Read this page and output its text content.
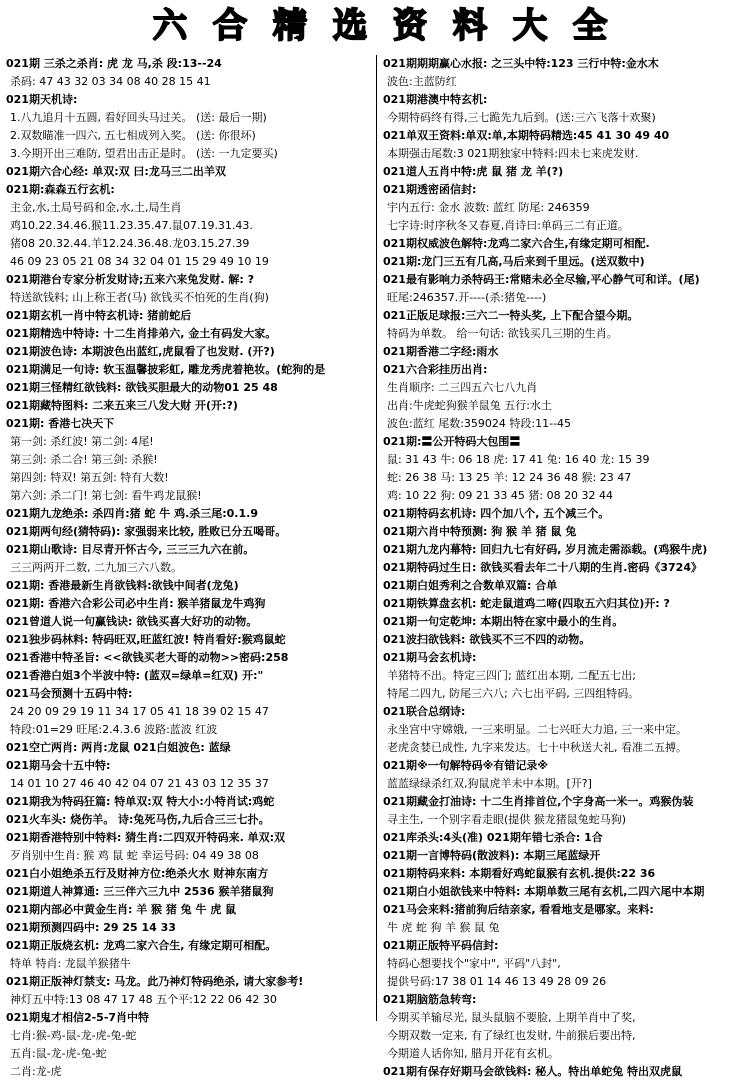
六 合 精 选 资 料 大 全
021期 三杀之杀肖: 虎 龙 马,杀 段:13--24
杀码: 47 43 32 03 34 08 40 28 15 41
021期天机诗:
1.八九追月十五圆, 看好回头马过关。 (送: 最后一期)
2.双数瞄准一四六, 五七相成列入奖。 (送: 你很坏)
3.今期开出三难防, 望君出击正是时。 (送: 一九定要买)
021期六合心经: 单双:双 曰:龙马三二出羊双
021期:森森五行玄机:
主金,水,土局号码和金,水,土,局生肖
鸡10.22.34.46.猴11.23.35.47.鼠07.19.31.43.
猪08 20.32.44.羊12.24.36.48.龙03.15.27.39
46 09 23 05 21 08 34 32 04 01 15 29 49 10 19
021期港台专家分析发财诗;五来六来兔发财. 解: ?
特送欲钱料; 山上称王者(马) 欲钱买不怕死的生肖(狗)
021期玄机一肖中特玄机诗: 猪前蛇后
021期精选中特诗: 十二生肖排弟六, 金土有码发大家。
021期波色诗: 本期波色出蓝红,虎鼠看了也发财. (开?)
021期满足一句诗: 软玉温馨披彩虹, 雕龙秀虎着艳妆。(蛇狗的是
021期三怪精红欲钱料: 欲钱买胆最大的动物01 25 48
021期藏特图料: 二来五来三八发大财 开(开:?)
021期: 香港七决天下
第一剑: 杀红波! 第二剑: 4尾!
第三剑: 杀二合! 第三剑: 杀猴!
第四剑: 特双! 第五剑: 特有大数!
第六剑: 杀二门! 第七剑: 看牛鸡龙鼠猴!
021期九龙绝杀: 杀四肖:猪 蛇 牛 鸡.杀三尾:0.1.9
021期两句经(猜特码): 家强弱来比较, 胜败已分五喝哥。
021期山歌诗: 目尽青开怀古今, 三三三九六在前。
三三两两开二数, 二九加三六八数。
021期: 香港最新生肖欲钱料:欲钱中间者(龙兔)
021期: 香港六合彩公司必中生肖: 猴羊猪鼠龙牛鸡狗
021曾道人说一句赢钱诀: 欲钱买喜大好功的动物。
021独步码林料: 特码旺双,旺蓝红波! 特肖看好:猴鸡鼠蛇
021香港中特圣旨: <<欲钱买老大哥的动物>>密码:258
021香港白姐3个半波中特: (蓝双=绿单=红双) 开:"
021马会预测十五码中特:
24 20 09 29 19 11 34 17 05 41 18 39 02 15 47
特段:01=29 旺尾:2.4.3.6 波路:蓝波 红波
021空亡两肖: 两肖:龙鼠 021白姐波色: 蓝绿
021期马会十五中特:
14 01 10 27 46 40 42 04 07 21 43 03 12 35 37
021期我为特码狂篇: 特单双:双 特大小:小特肖试:鸡蛇
021火车头: 烧伤羊。 诗:兔死马伤,九后合三三七扑。
021期香港特别中特料: 猜生肖:二四双开特码来. 单双:双
歹肖别中生肖: 猴 鸡 鼠 蛇 幸运号码: 04 49 38 08
021白小姐绝杀五行及财神方位:绝杀火水 财神东南方
021期道人神算通: 三三伴六三九中 2536 猴羊猪鼠狗
021期内部必中黄金生肖: 羊 猴 猪 兔 牛 虎 鼠
021期预测四码中: 29 25 14 33
021期正版烧玄机: 龙鸡二家六合生, 有缘定期可相配。
特单 特肖: 龙鼠羊猴猪牛
021期正版神灯禁支: 马龙。此乃神灯特码绝杀, 请大家参考!
神灯五中特:13 08 47 17 48 五个平:12 22 06 42 30
021期鬼才相信2-5-7肖中特
七肖:猴-鸡-鼠-龙-虎-兔-蛇
五肖:鼠-龙-虎-兔-蛇
二肖:龙-虎
021期期期赢心水报: 之三头中特:123 三行中特:金水木
波色:主蓝防红
021期港澳中特玄机:
今期特码终有得,三七跪先九后到。(送:三六飞落十欢聚)
021单双王资料:单双:单,本期特码精选:45 41 30 49 40
本期强击尾数:3 021期独家中特料:四未七来虎发财.
021道人五肖中特:虎 鼠 猪 龙 羊(?)
021期透密函信封:
宇内五行: 金水 波数: 蓝红 防尾: 246359
七字诗:时序秋冬又春夏,肖诗曰:单码三二有正道。
021期权威波色解特:龙鸡二家六合生,有缘定期可相配.
021期:龙门三五有几高,马后来到千里远。(送双数中)
021最有影响力杀特码王:常赌未必全尽输,平心静气可和详。(尾)
旺尾:246357.开----(杀:猪兔----)
021正版足球报:三六二一特头奖, 上下配合望今期。
特码为单数。 给一句话: 欲钱买几三期的生肖。
021期香港二字经:雨水
021六合彩挂历出肖:
生肖顺序: 二三四五六七八九肖
出肖:牛虎蛇狗猴羊鼠兔 五行:水土
波色:蓝红 尾数:359024 特段:11--45
021期:〓公开特码大包围〓
鼠: 31 43 牛: 06 18 虎: 17 41 兔: 16 40 龙: 15 39
蛇: 26 38 马: 13 25 羊: 12 24 36 48 猴: 23 47
鸡: 10 22 狗: 09 21 33 45 猪: 08 20 32 44
021期特码玄机诗: 四个加八个, 五个减三个。
021期六肖中特预测: 狗 猴 羊 猪 鼠 兔
021期九龙内幕特: 回归九七有好码, 岁月流走需添载。(鸡猴牛虎)
021期特码过生日: 欲钱买看去年二十八期的生肖.密码《3724》
021期白姐秀利之合数单双篇: 合单
021期铁算盘玄机: 蛇走鼠道鸡二啼(四取五六归其位)开: ?
021期一句定乾坤: 本期出特在家中最小的生肖。
021波扫欲钱料: 欲钱买不三不四的动物。
021期马会玄机诗:
羊猪特不出。特定三四门; 蓝红出本期, 二配五七出;
特尾二四九, 防尾三六八; 六七出平码, 三四组特码。
021联合总纲诗:
永坐宫中守嫦娥, 一三来明显。二七兴旺大力追, 三一来中定。
老虎贪婪已成性, 九字来发达。七十中秋送大礼, 看准二五搏。
021期※一句解特码※有错记录※
蓝蓝绿绿杀红双,狗鼠虎羊未中本期。[开?]
021期藏金打油诗: 十二生肖排首位,个字身高一米一。鸡猴伪装
寻主生, 一个别字看走眼(提供 猴龙猪鼠兔蛇马狗)
021库杀头:4头(准) 021期年错七杀合: 1合
021期一言博特码(散波料): 本期三尾蓝绿开
021期特码来料: 本期看好鸡蛇鼠猴有玄机.提供:22 36
021期白小姐欲钱来中特料: 本期单数三尾有玄机,二四六尾中本期
021马会来料:猪前狗后结亲家, 看看地支是哪家。来料:
牛 虎 蛇 狗 羊 猴 鼠 兔
021期正版特平码信封:
特码心想要找个"家中", 平码"八封",
提供号码:17 38 01 14 46 13 49 28 09 26
021期脑筋急转弯:
今期买羊输尽光, 鼠头鼠脑不要脸, 上期羊肖中了奖,
今期双数一定来, 有了绿红也发财, 牛前猴后要出特,
今期道人话你知, 腊月开花有玄机。
021期有保存好期马会欲钱料: 秘人。特出单蛇兔 特出双虎鼠
